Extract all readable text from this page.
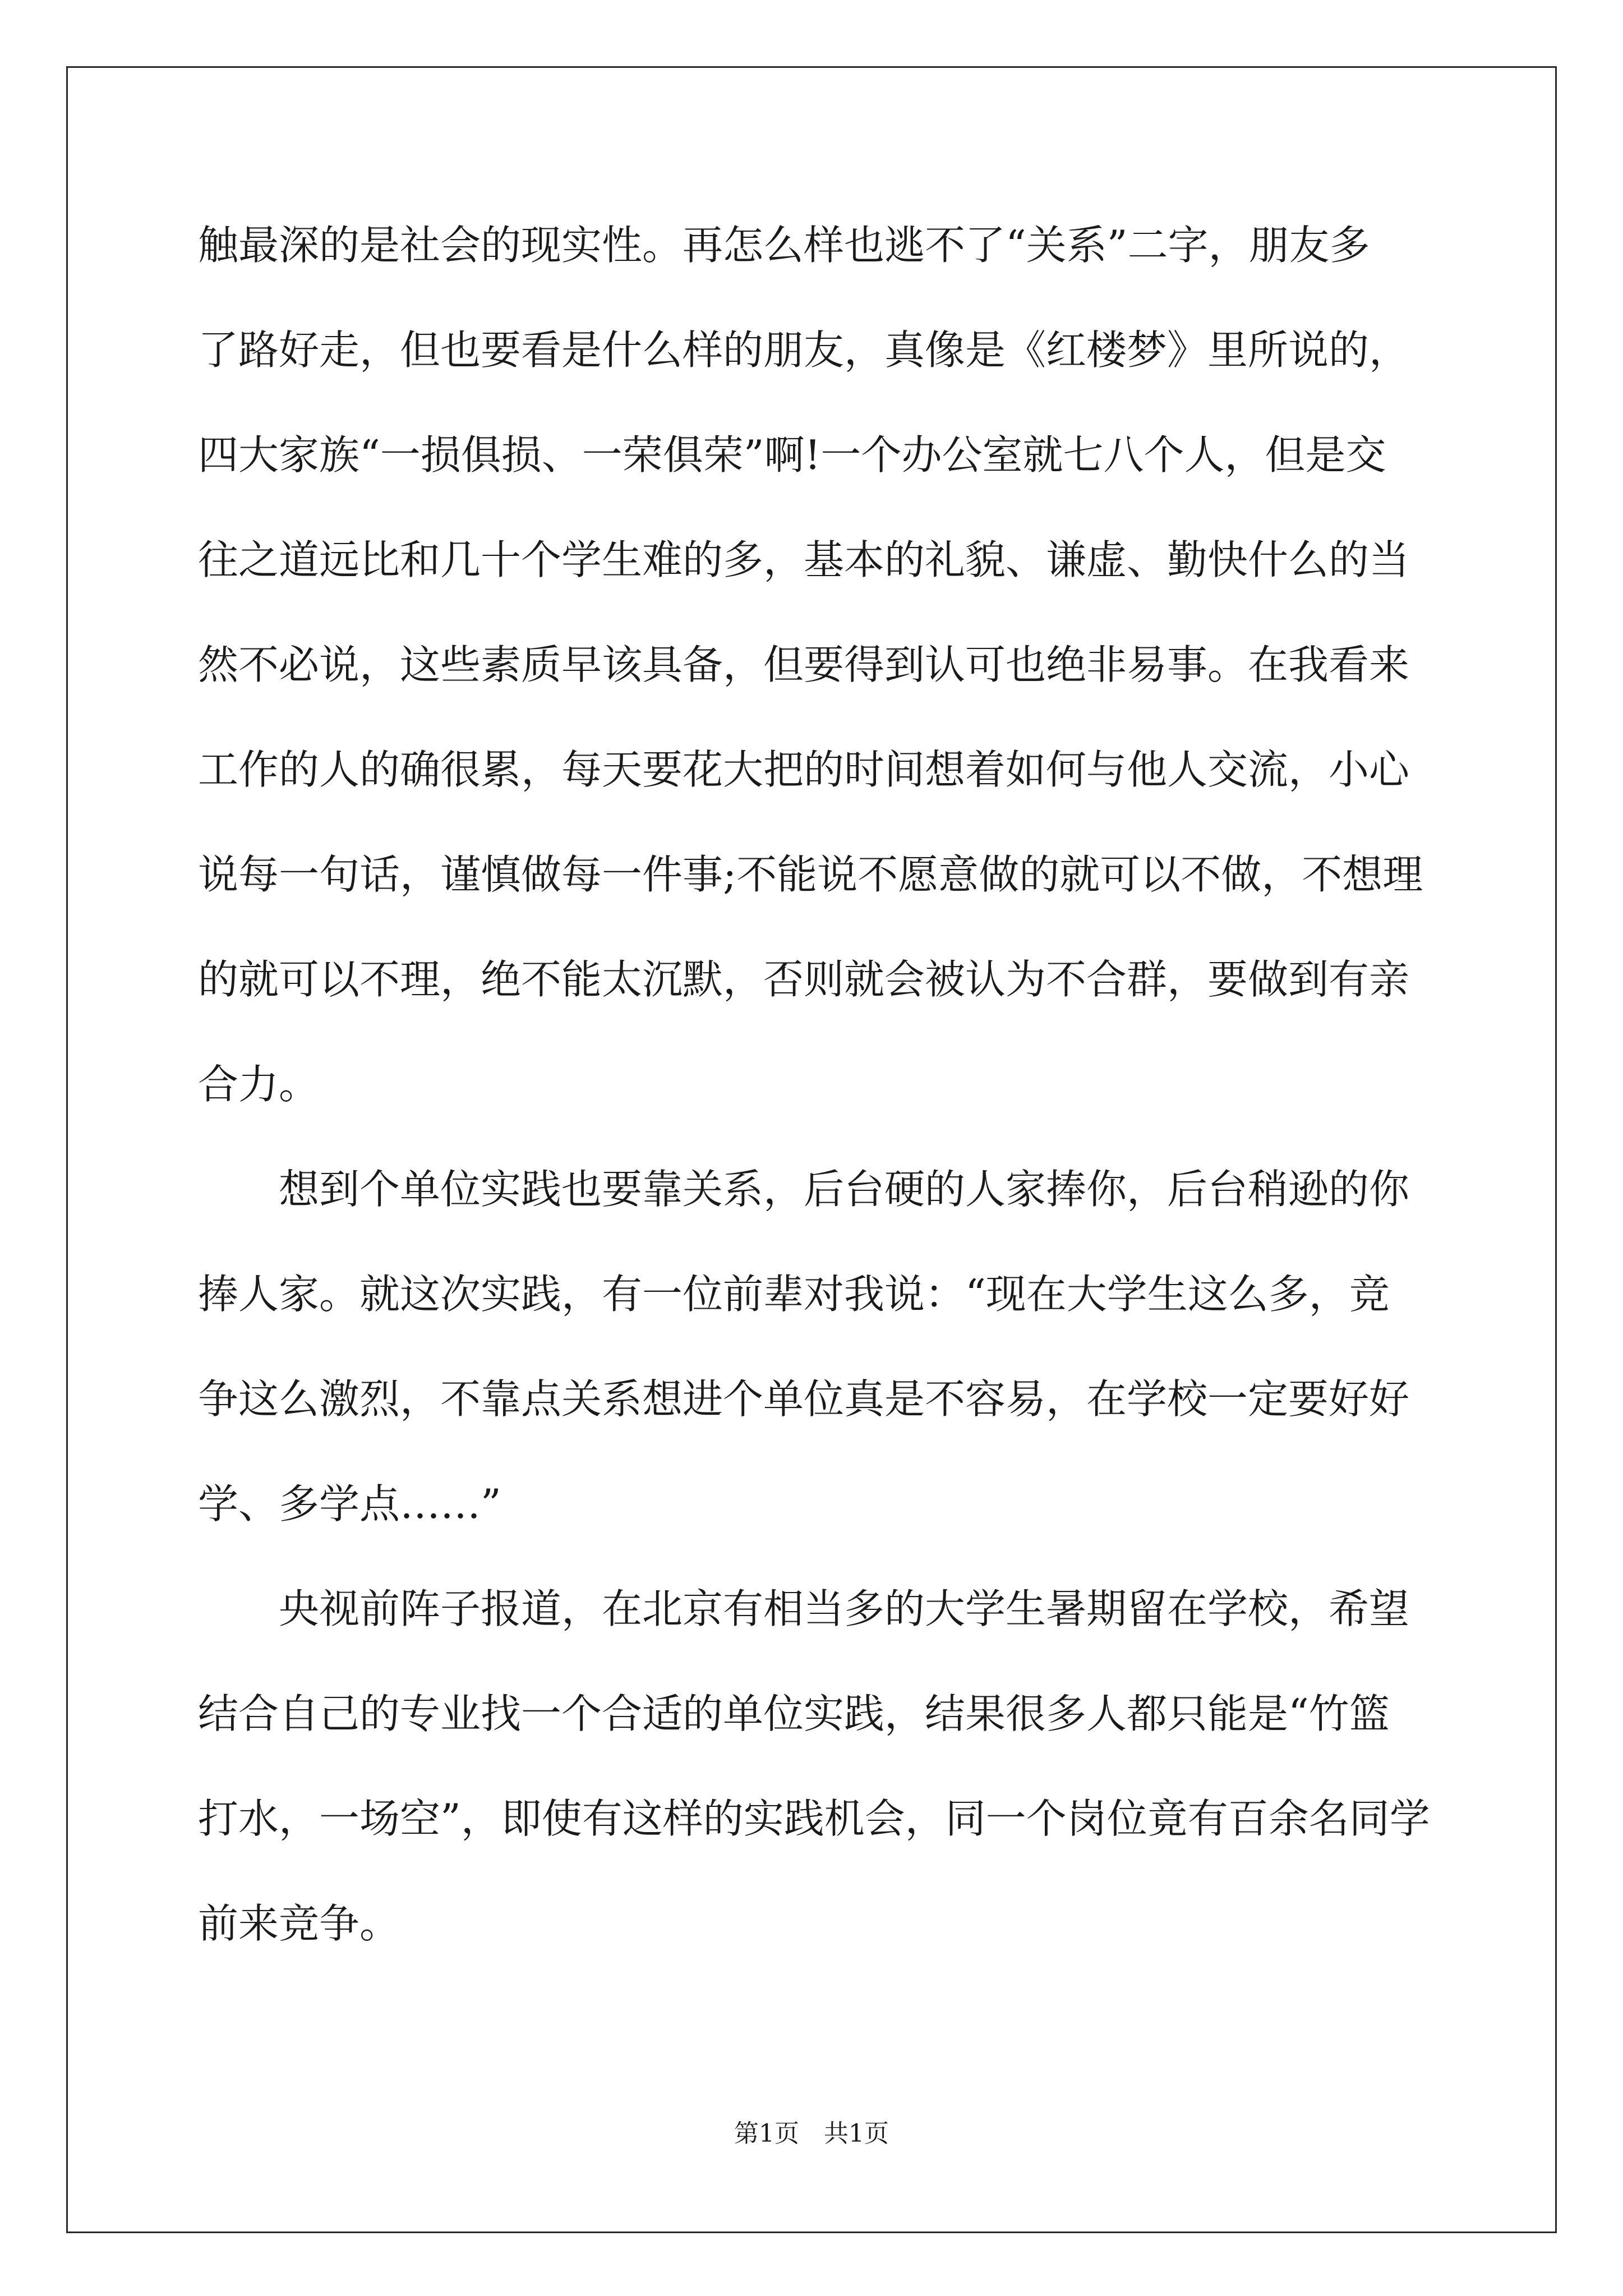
触最深的是社会的现实性。再怎么样也逃不了“关系”二字，朋友多
了路好走，但也要看是什么样的朋友，真像是《红楼梦》里所说的，
四大家族“一损俱损、一荣俱荣”啊!一个办公室就七八个人，但是交
往之道远比和几十个学生难的多，基本的礼貌、谦虚、勤快什么的当
然不必说，这些素质早该具备，但要得到认可也绝非易事。在我看来
工作的人的确很累，每天要花大把的时间想着如何与他人交流，小心
说每一句话，谨慎做每一件事;不能说不愿意做的就可以不做，不想理
的就可以不理，绝不能太沉默，否则就会被认为不合群，要做到有亲
合力。
想到个单位实践也要靠关系，后台硬的人家捧你，后台稍逊的你
捧人家。就这次实践，有一位前辈对我说：“现在大学生这么多，竞
争这么激烈，不靠点关系想进个单位真是不容易，在学校一定要好好
学、多学点……”
央视前阵子报道，在北京有相当多的大学生暑期留在学校，希望
结合自己的专业找一个合适的单位实践，结果很多人都只能是“竹篮
打水，一场空”，即使有这样的实践机会，同一个岗位竟有百余名同学
前来竞争。
第1页　共1页
